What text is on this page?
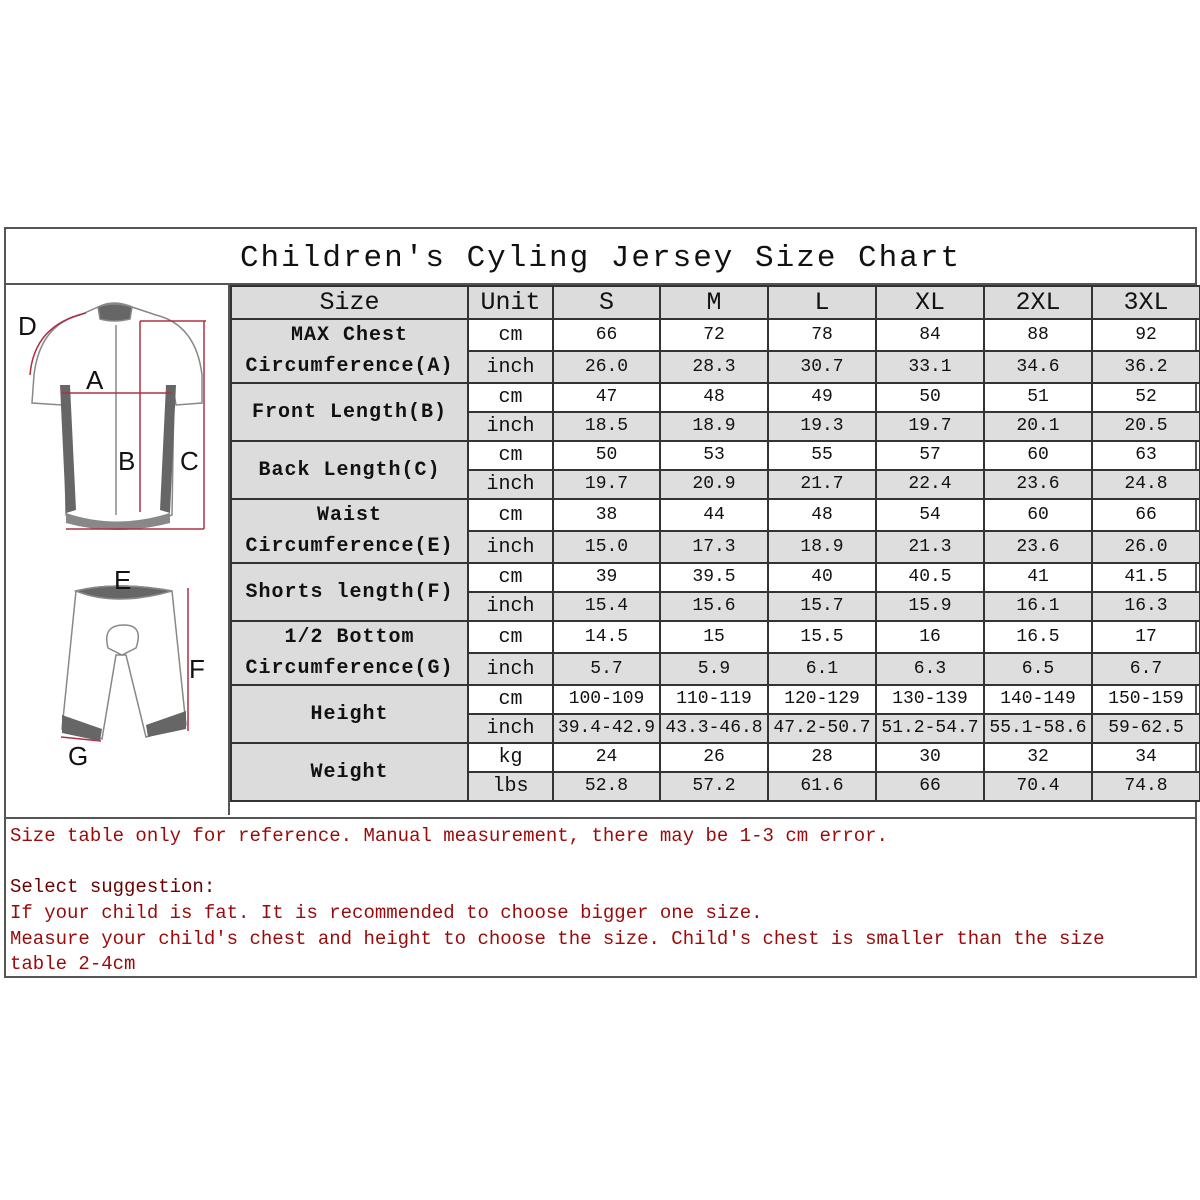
Children's Cyling Jersey Size Chart
D
A
B C
E
F
G
Size	Unit	S	M	L	XL	2XL	3XL
MAX Chest Circumference(A)	cm	66	72	78	84	88	92
	inch	26.0	28.3	30.7	33.1	34.6	36.2
Front Length(B)	cm	47	48	49	50	51	52
	inch	18.5	18.9	19.3	19.7	20.1	20.5
Back Length(C)	cm	50	53	55	57	60	63
	inch	19.7	20.9	21.7	22.4	23.6	24.8
Waist Circumference(E)	cm	38	44	48	54	60	66
	inch	15.0	17.3	18.9	21.3	23.6	26.0
Shorts length(F)	cm	39	39.5	40	40.5	41	41.5
	inch	15.4	15.6	15.7	15.9	16.1	16.3
1/2 Bottom Circumference(G)	cm	14.5	15	15.5	16	16.5	17
	inch	5.7	5.9	6.1	6.3	6.5	6.7
Height	cm	100-109	110-119	120-129	130-139	140-149	150-159
	inch	39.4-42.9	43.3-46.8	47.2-50.7	51.2-54.7	55.1-58.6	59-62.5
Weight	kg	24	26	28	30	32	34
	lbs	52.8	57.2	61.6	66	70.4	74.8
Size table only for reference. Manual measurement, there may be 1-3 cm error.
Select suggestion:
If your child is fat. It is recommended to choose bigger one size.
Measure your child's chest and height to choose the size. Child's chest is smaller than the size
table 2-4cm
